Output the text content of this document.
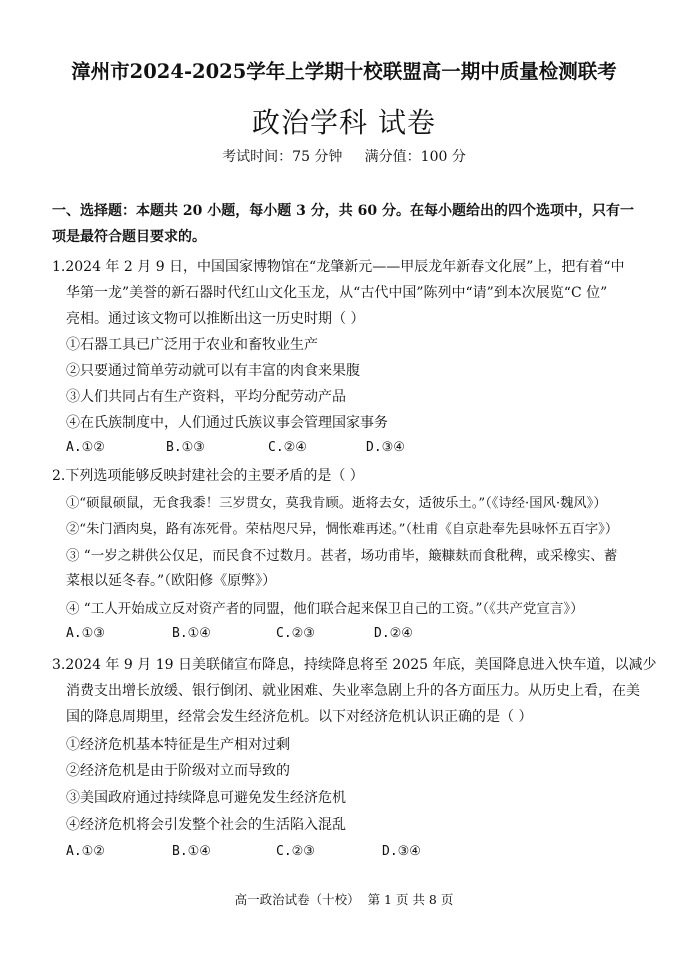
漳州市2024-2025学年上学期十校联盟高一期中质量检测联考
政治学科 试卷
考试时间：75 分钟     满分值：100 分
一、选择题：本题共 20 小题，每小题 3 分，共 60 分。在每小题给出的四个选项中，只有一项是最符合题目要求的。
1.2024 年 2 月 9 日，中国国家博物馆在“龙肇新元——甲辰龙年新春文化展”上，把有着“中
华第一龙”美誉的新石器时代红山文化玉龙，从“古代中国”陈列中“请”到本次展览“C 位”
亮相。通过该文物可以推断出这一历史时期（ ）
①石器工具已广泛用于农业和畜牧业生产
②只要通过简单劳动就可以有丰富的肉食来果腹
③人们共同占有生产资料，平均分配劳动产品
④在氏族制度中，人们通过氏族议事会管理国家事务
A.①②	B.①③	C.②④	D.③④
2.下列选项能够反映封建社会的主要矛盾的是（ ）
①“硕鼠硕鼠，无食我黍！三岁贯女，莫我肯顾。逝将去女，适彼乐土。”（《诗经·国风·魏风》）
②“朱门酒肉臭，路有冻死骨。荣枯咫尺异，惆怅难再述。”（杜甫《自京赴奉先县咏怀五百字》）
③ “一岁之耕供公仅足，而民食不过数月。甚者，场功甫毕，簸糠麸而食秕稗，或采橡实、蓄
菜根以延冬春。”（欧阳修《原弊》）
④ “工人开始成立反对资产者的同盟，他们联合起来保卫自己的工资。”（《共产党宣言》）
A.①③	B.①④	C.②③	D.②④
3.2024 年 9 月 19 日美联储宣布降息，持续降息将至 2025 年底，美国降息进入快车道，以减少
消费支出增长放缓、银行倒闭、就业困难、失业率急剧上升的各方面压力。从历史上看，在美
国的降息周期里，经常会发生经济危机。以下对经济危机认识正确的是（ ）
①经济危机基本特征是生产相对过剩
②经济危机是由于阶级对立而导致的
③美国政府通过持续降息可避免发生经济危机
④经济危机将会引发整个社会的生活陷入混乱
A.①②	B.①④	C.②③	D.③④
高一政治试卷（十校）  第 1 页 共 8 页
